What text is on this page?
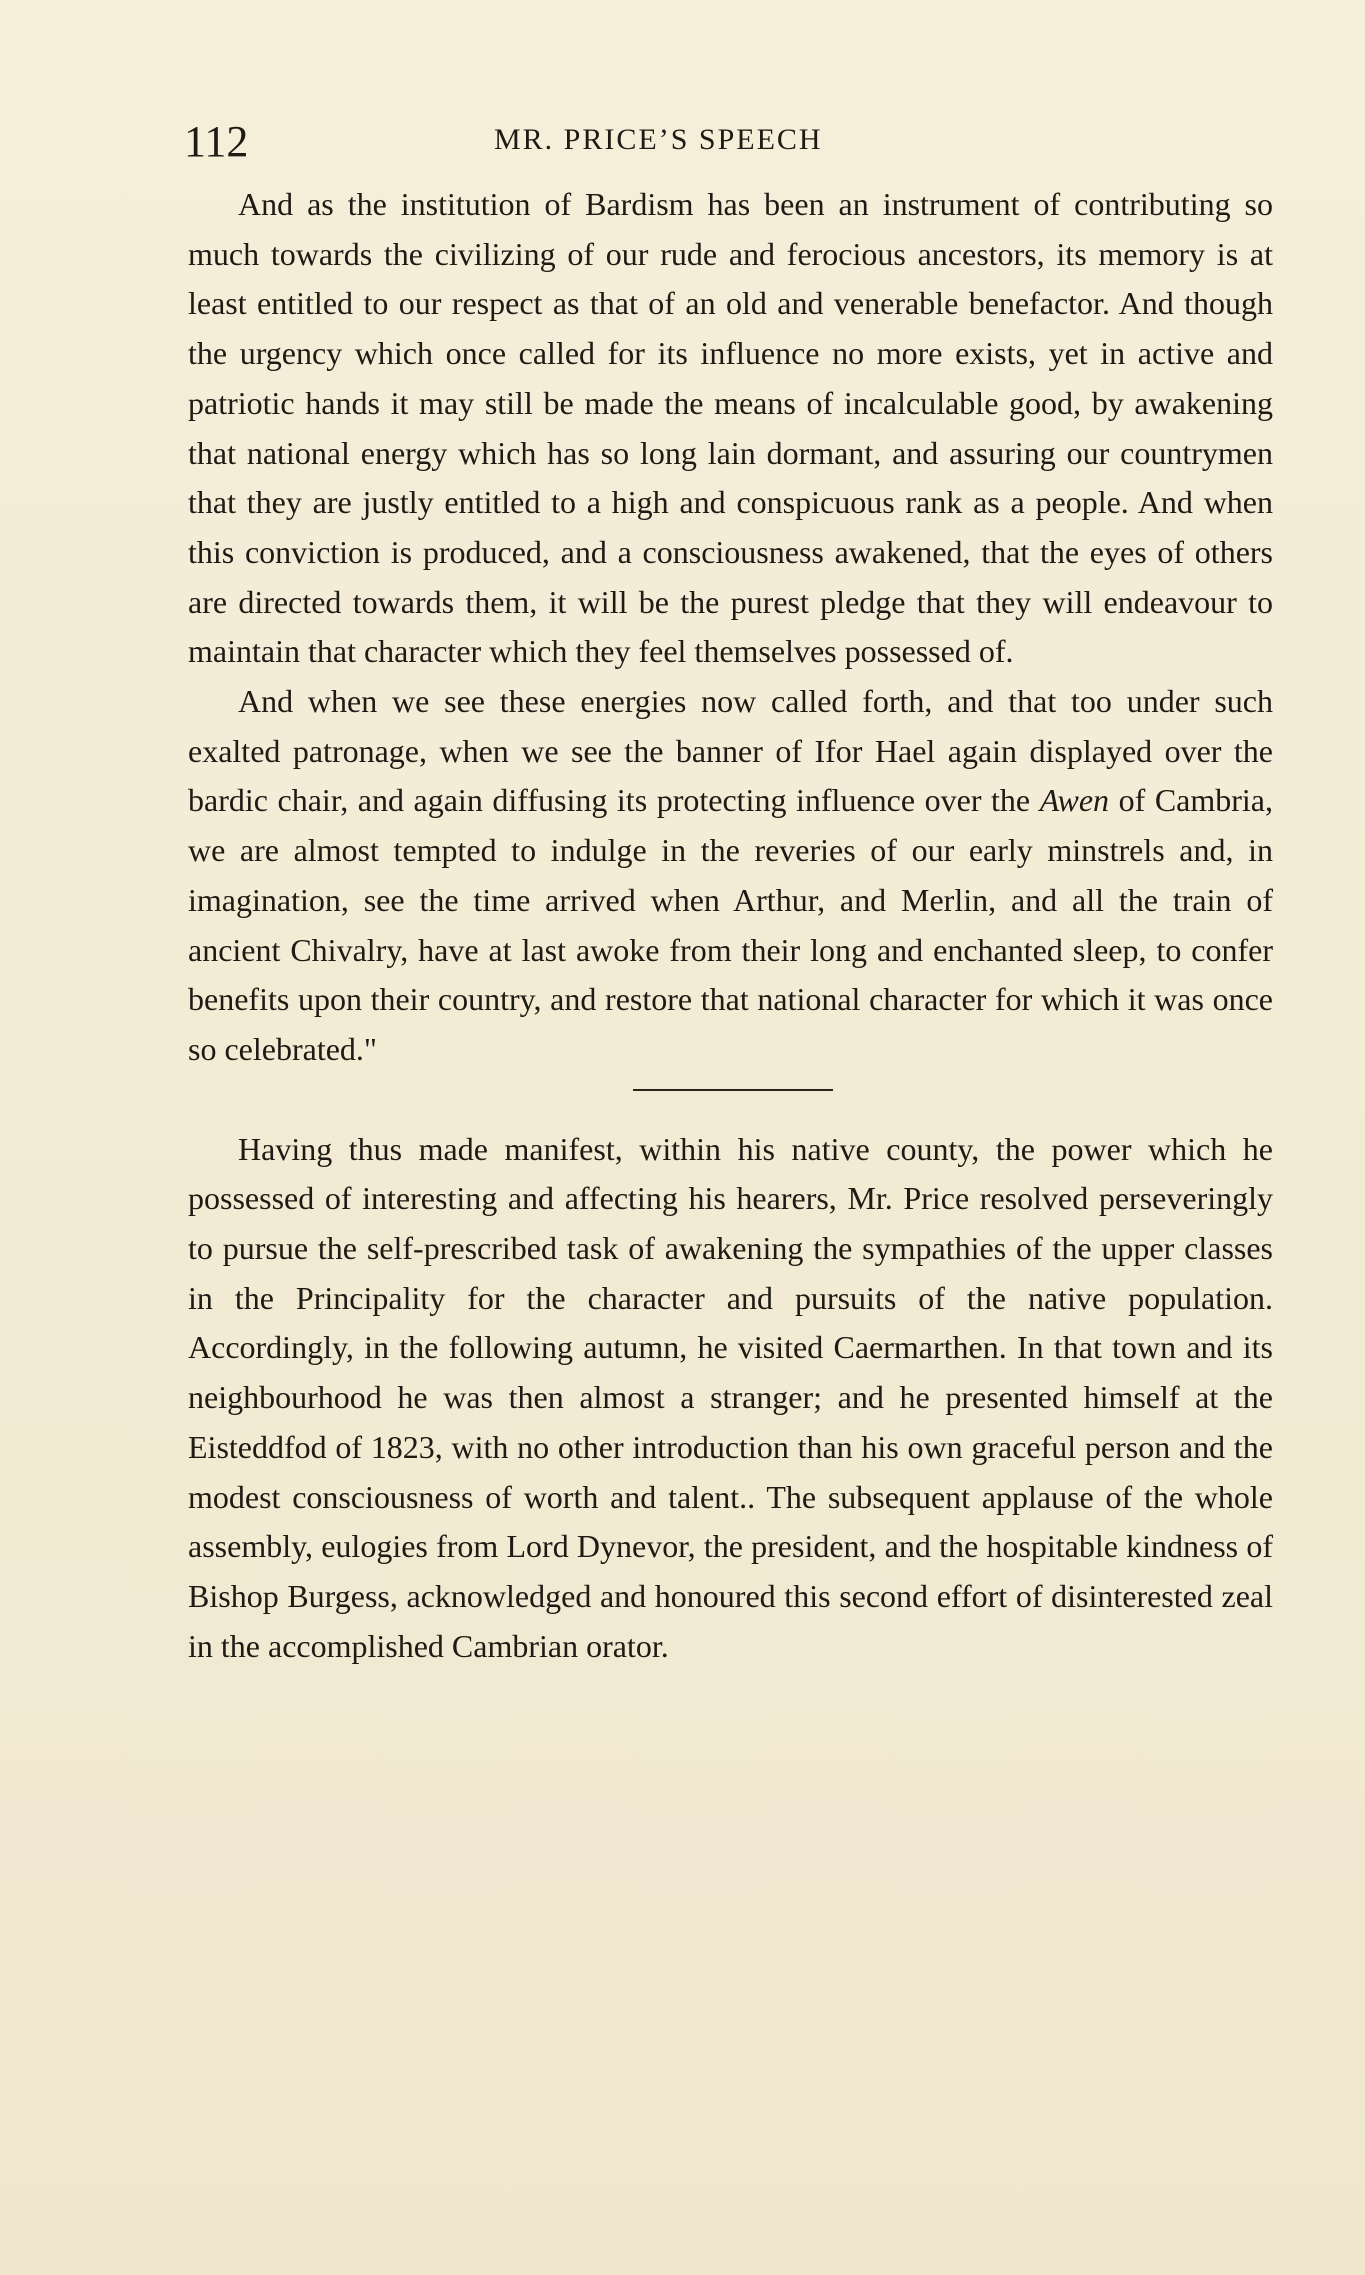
112	MR. PRICE’S SPEECH

And as the institution of Bardism has been an instrument of contributing so much towards the civilizing of our rude and ferocious ancestors, its memory is at least entitled to our respect as that of an old and venerable benefactor. And though the urgency which once called for its influence no more exists, yet in active and patriotic hands it may still be made the means of incalculable good, by awakening that national energy which has so long lain dormant, and assuring our countrymen that they are justly entitled to a high and conspicuous rank as a people. And when this conviction is produced, and a consciousness awakened, that the eyes of others are directed towards them, it will be the purest pledge that they will endeavour to maintain that character which they feel themselves possessed of.

And when we see these energies now called forth, and that too under such exalted patronage, when we see the banner of Ifor Hael again displayed over the bardic chair, and again diffusing its protecting influence over the Awen of Cambria, we are almost tempted to indulge in the reveries of our early minstrels and, in imagination, see the time arrived when Arthur, and Merlin, and all the train of ancient Chivalry, have at last awoke from their long and enchanted sleep, to confer benefits upon their country, and restore that national character for which it was once so celebrated."

Having thus made manifest, within his native county, the power which he possessed of interesting and affecting his hearers, Mr. Price resolved perseveringly to pursue the self-prescribed task of awakening the sympathies of the upper classes in the Principality for the character and pursuits of the native population. Accordingly, in the following autumn, he visited Caermarthen. In that town and its neighbourhood he was then almost a stranger; and he presented himself at the Eisteddfod of 1823, with no other introduction than his own graceful person and the modest consciousness of worth and talent.. The subsequent applause of the whole assembly, eulogies from Lord Dynevor, the president, and the hospitable kindness of Bishop Burgess, acknowledged and honoured this second effort of disinterested zeal in the accomplished Cambrian orator.
